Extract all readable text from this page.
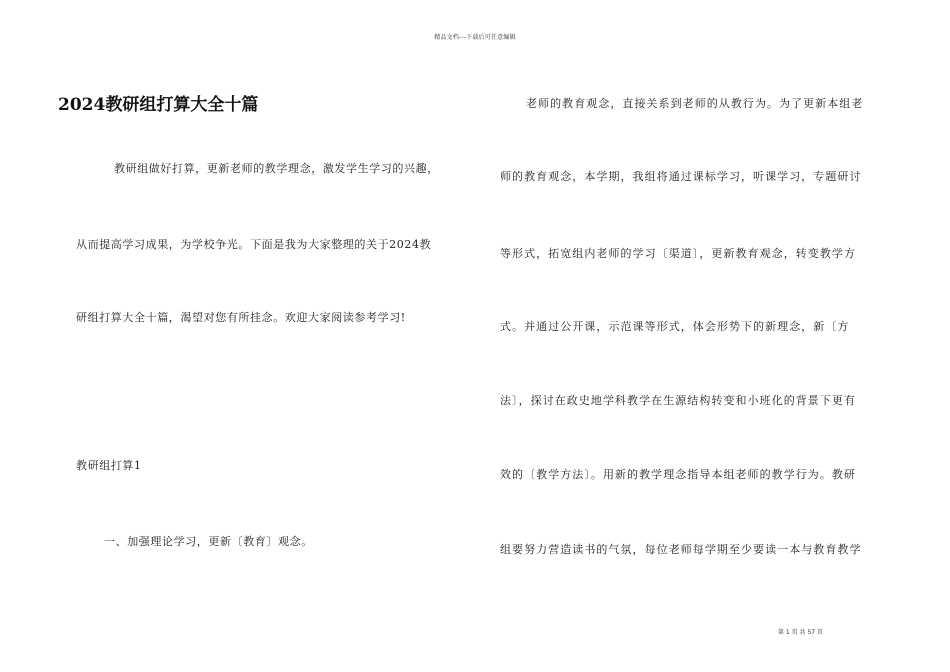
精品文档---下载后可任意编辑
2024教研组打算大全十篇
教研组做好打算，更新老师的教学理念，激发学生学习的兴趣，
从而提高学习成果，为学校争光。下面是我为大家整理的关于2024教
研组打算大全十篇，渴望对您有所挂念。欢迎大家阅读参考学习!
教研组打算1
一、加强理论学习，更新〔教育〕观念。
老师的教育观念，直接关系到老师的从教行为。为了更新本组老
师的教育观念，本学期，我组将通过课标学习，听课学习，专题研讨
等形式，拓宽组内老师的学习〔渠道〕，更新教育观念，转变教学方
式。并通过公开课，示范课等形式，体会形势下的新理念，新〔方
法〕，探讨在政史地学科教学在生源结构转变和小班化的背景下更有
效的〔教学方法〕。用新的教学理念指导本组老师的教学行为。教研
组要努力营造读书的气氛，每位老师每学期至少要读一本与教育教学
第 1 页 共 57 页
